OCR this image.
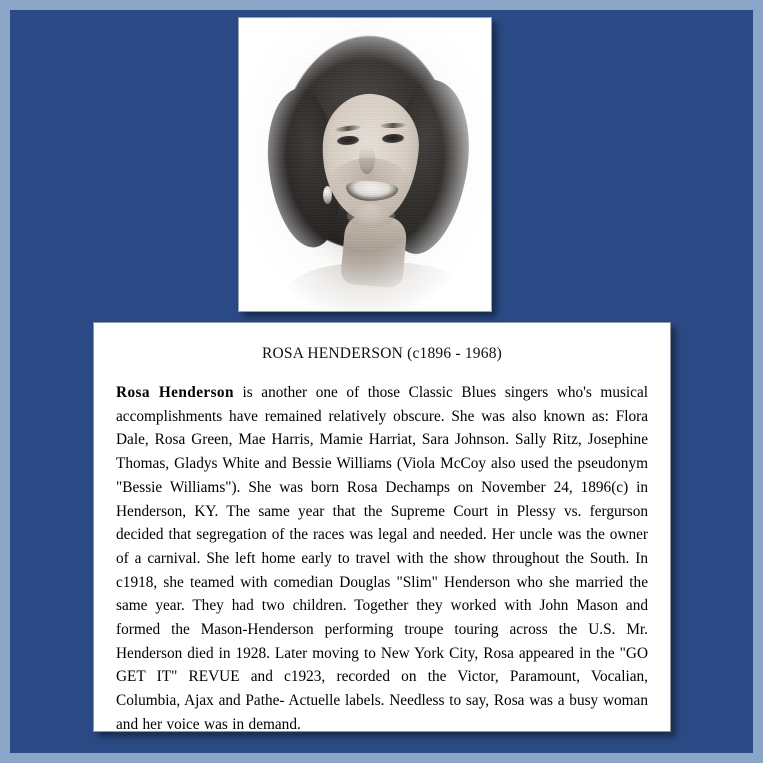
ROSA HENDERSON (c1896 - 1968)
Rosa Henderson is another one of those Classic Blues singers who's musical accomplishments have remained relatively obscure. She was also known as: Flora Dale, Rosa Green, Mae Harris, Mamie Harriat, Sara Johnson. Sally Ritz, Josephine Thomas, Gladys White and Bessie Williams (Viola McCoy also used the pseudonym "Bessie Williams"). She was born Rosa Dechamps on November 24, 1896(c) in Henderson, KY. The same year that the Supreme Court in Plessy vs. fergurson decided that segregation of the races was legal and needed. Her uncle was the owner of a carnival. She left home early to travel with the show throughout the South. In c1918, she teamed with comedian Douglas "Slim" Henderson who she married the same year. They had two children. Together they worked with John Mason and formed the Mason-Henderson performing troupe touring across the U.S. Mr. Henderson died in 1928. Later moving to New York City, Rosa appeared in the "GO GET IT" REVUE and c1923, recorded on the Victor, Paramount, Vocalian, Columbia, Ajax and Pathe- Actuelle labels. Needless to say, Rosa was a busy woman and her voice was in demand.
